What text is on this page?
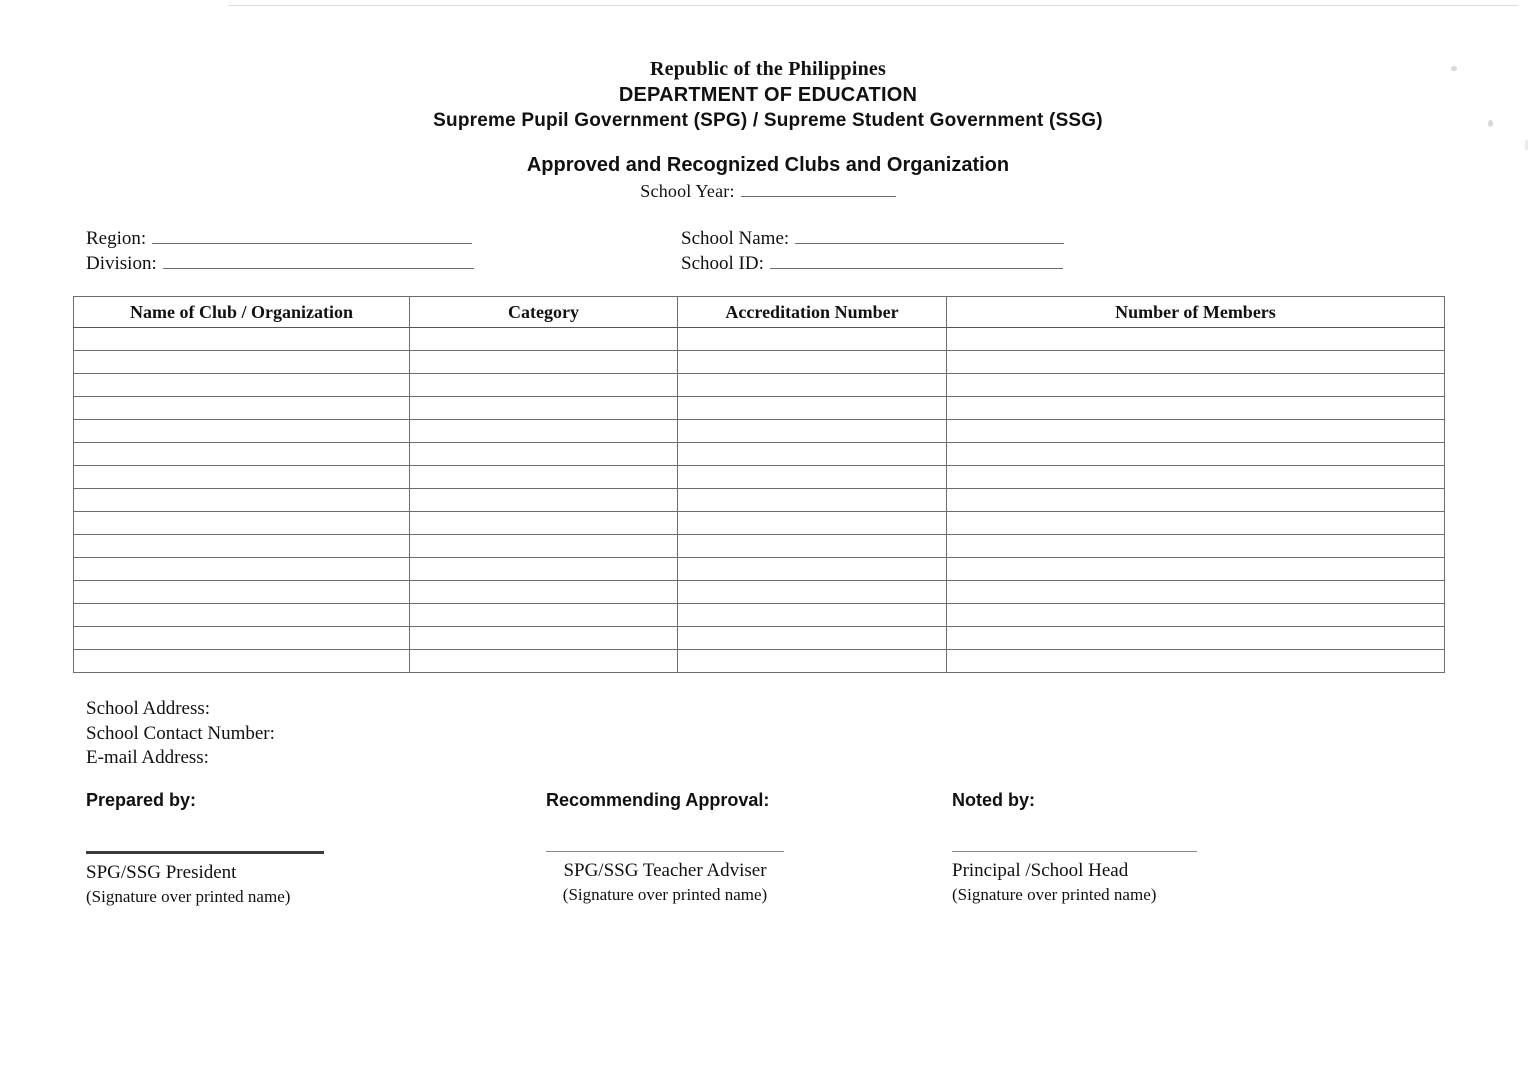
Republic of the Philippines
DEPARTMENT OF EDUCATION
Supreme Pupil Government (SPG) / Supreme Student Government (SSG)
Approved and Recognized Clubs and Organization
School Year:
Region:
Division:
School Name:
School ID:
Name of Club / Organization	Category	Accreditation Number	Number of Members

School Address:
School Contact Number:
E-mail Address:
Prepared by:
SPG/SSG President
(Signature over printed name)
Recommending Approval:
SPG/SSG Teacher Adviser
(Signature over printed name)
Noted by:
Principal /School Head
(Signature over printed name)
